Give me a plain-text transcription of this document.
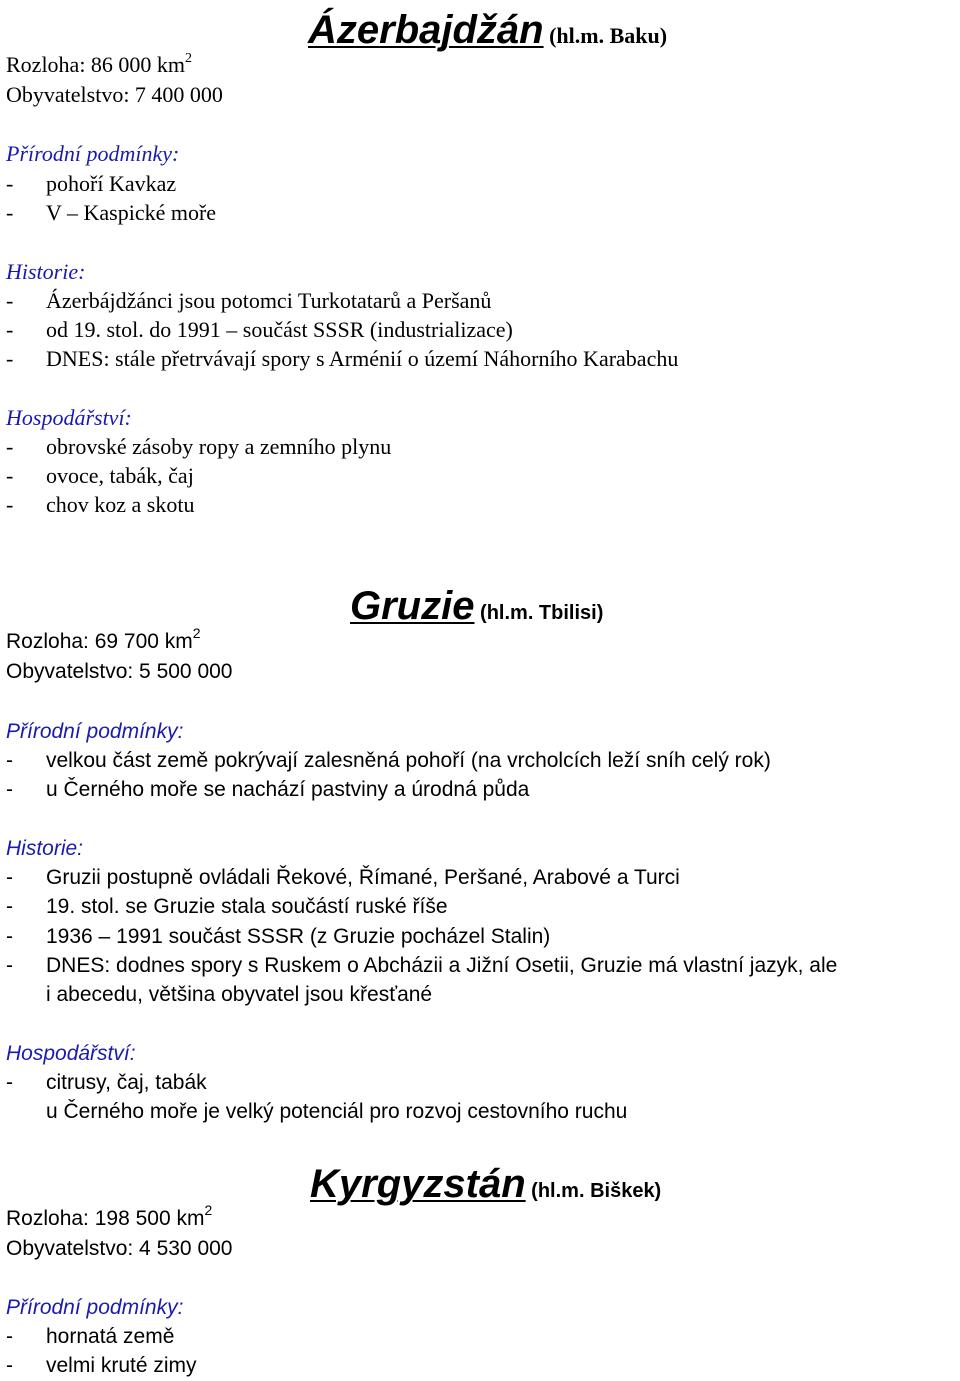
Ázerbajdžán (hl.m. Baku)
Rozloha: 86 000 $km^2$
Obyvatelstvo: 7 400 000
Přírodní podmínky:
- pohoří Kavkaz
- V – Kaspické moře
Historie:
- Ázerbájdžánci jsou potomci Turkotatarů a Peršanů
- od 19. stol. do 1991 – součást SSSR (industrializace)
- DNES: stále přetrvávají spory s Arménií o území Náhorního Karabachu
Hospodářství:
- obrovské zásoby ropy a zemního plynu
- ovoce, tabák, čaj
- chov koz a skotu
Gruzie (hl.m. Tbilisi)
Rozloha: 69 700 $km^2$
Obyvatelstvo: 5 500 000
Přírodní podmínky:
- velkou část země pokrývají zalesněná pohoří (na vrcholcích leží sníh celý rok)
- u Černého moře se nachází pastviny a úrodná půda
Historie:
- Gruzii postupně ovládali Řekové, Římané, Peršané, Arabové a Turci
- 19. stol. se Gruzie stala součástí ruské říše
- 1936 – 1991 součást SSSR (z Gruzie pocházel Stalin)
- DNES: dodnes spory s Ruskem o Abcházii a Jižní Osetii, Gruzie má vlastní jazyk, ale
i abecedu, většina obyvatel jsou křesťané
Hospodářství:
- citrusy, čaj, tabák
u Černého moře je velký potenciál pro rozvoj cestovního ruchu
Kyrgyzstán (hl.m. Biškek)
Rozloha: 198 500 $km^2$
Obyvatelstvo: 4 530 000
Přírodní podmínky:
- hornatá země
- velmi kruté zimy
